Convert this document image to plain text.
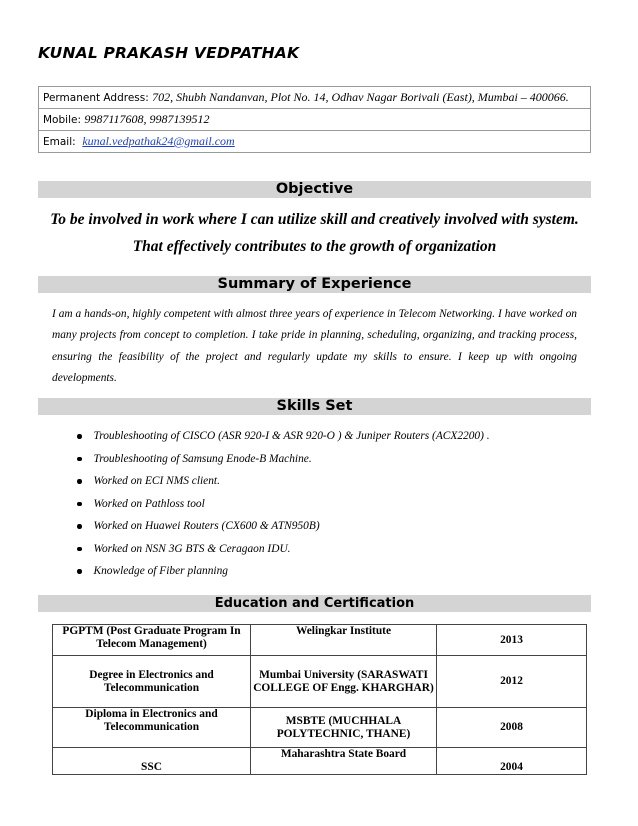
KUNAL PRAKASH VEDPATHAK
Permanent Address: 702, Shubh Nandanvan, Plot No. 14, Odhav Nagar Borivali (East), Mumbai – 400066.
Mobile: 9987117608, 9987139512
Email:  kunal.vedpathak24@gmail.com
Objective
To be involved in work where I can utilize skill and creatively involved with system.
That effectively contributes to the growth of organization
Summary of Experience
I am a hands-on, highly competent with almost three years of experience in Telecom Networking. I have worked on many projects from concept to completion. I take pride in planning, scheduling, organizing, and tracking process, ensuring the feasibility of the project and regularly update my skills to ensure. I keep up with ongoing developments.
Skills Set
Troubleshooting of CISCO (ASR 920-I & ASR 920-O ) & Juniper Routers (ACX2200) .
Troubleshooting of Samsung Enode-B Machine.
Worked on ECI NMS client.
Worked on Pathloss tool
Worked on Huawei Routers (CX600 & ATN950B)
Worked on NSN 3G BTS & Ceragaon IDU.
Knowledge of Fiber planning
Education and Certification
PGPTM (Post Graduate Program In Telecom Management)	Welingkar Institute	2013
Degree in Electronics and Telecommunication	Mumbai University (SARASWATI COLLEGE OF Engg. KHARGHAR)	2012
Diploma in Electronics and Telecommunication	MSBTE (MUCHHALA POLYTECHNIC, THANE)	2008
SSC	Maharashtra State Board	2004
